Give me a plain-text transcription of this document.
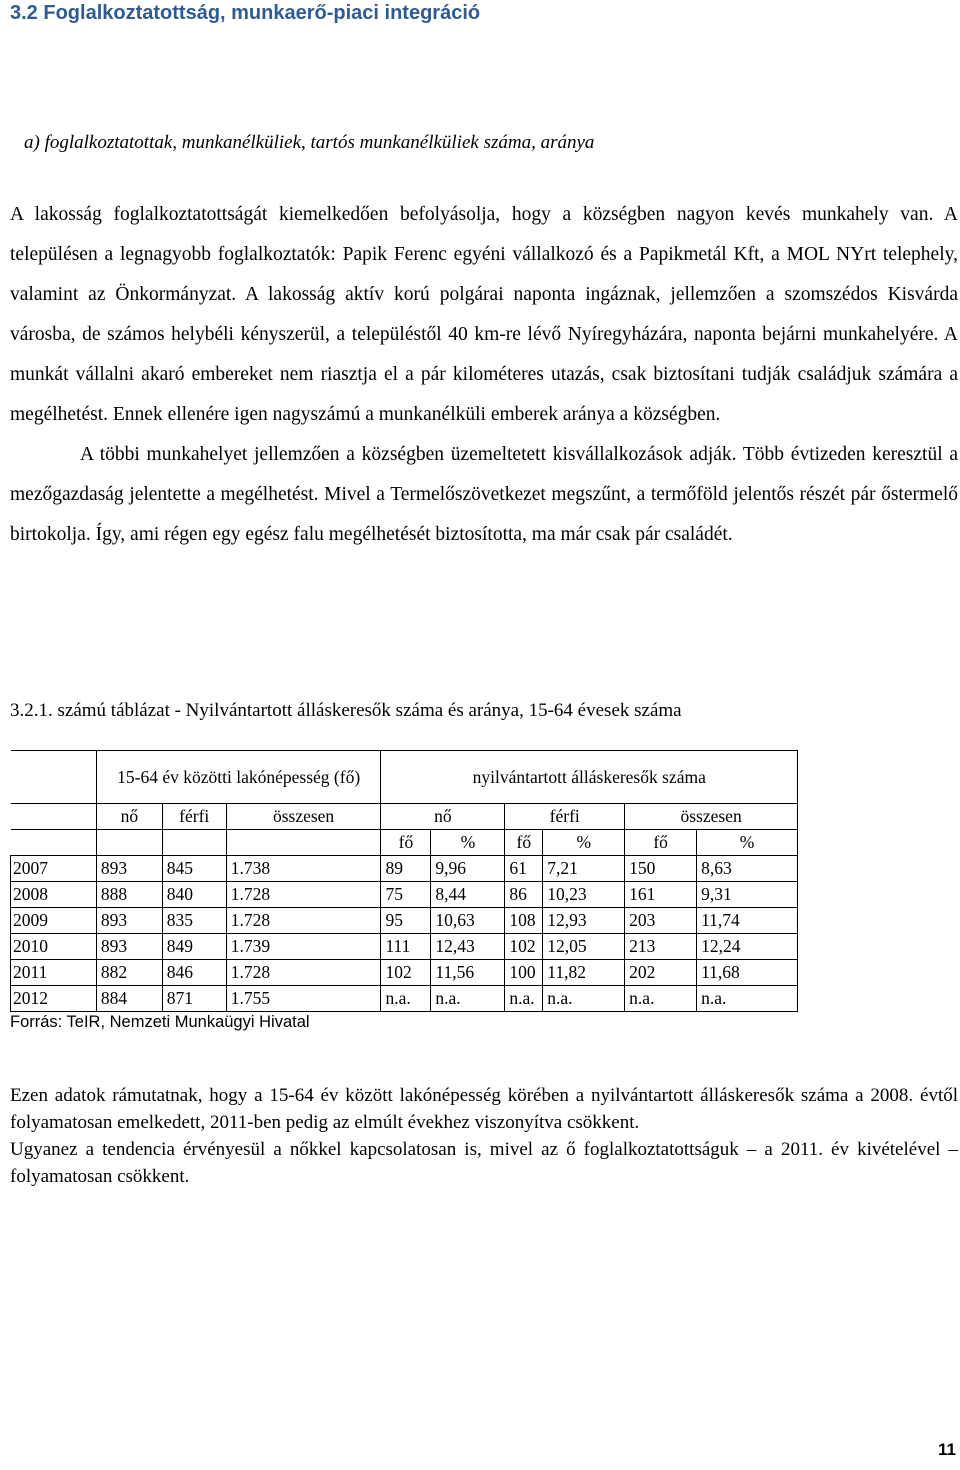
3.2 Foglalkoztatottság, munkaerő-piaci integráció
a) foglalkoztatottak, munkanélküliek, tartós munkanélküliek száma, aránya

A lakosság foglalkoztatottságát kiemelkedően befolyásolja, hogy a községben nagyon kevés munkahely van. A településen a legnagyobb foglalkoztatók: Papik Ferenc egyéni vállalkozó és a Papikmetál Kft, a MOL NYrt telephely, valamint az Önkormányzat. A lakosság aktív korú polgárai naponta ingáznak, jellemzően a szomszédos Kisvárda városba, de számos helybéli kényszerül, a településtől 40 km-re lévő Nyíregyházára, naponta bejárni munkahelyére. A munkát vállalni akaró embereket nem riasztja el a pár kilométeres utazás, csak biztosítani tudják családjuk számára a megélhetést. Ennek ellenére igen nagyszámú a munkanélküli emberek aránya a községben.

A többi munkahelyet jellemzően a községben üzemeltetett kisvállalkozások adják. Több évtizeden keresztül a mezőgazdaság jelentette a megélhetést. Mivel a Termelőszövetkezet megszűnt, a termőföld jelentős részét pár őstermelő birtokolja. Így, ami régen egy egész falu megélhetését biztosította, ma már csak pár családét.

3.2.1. számú táblázat - Nyilvántartott álláskeresők száma és aránya, 15-64 évesek száma
	15-64 év közötti lakónépesség (fő)			nyilvántartott álláskeresők száma					
	nő	férfi	összesen	nő		férfi		összesen	
				fő	%	fő	%	fő	%
2007	893	845	1.738	89	9,96	61	7,21	150	8,63
2008	888	840	1.728	75	8,44	86	10,23	161	9,31
2009	893	835	1.728	95	10,63	108	12,93	203	11,74
2010	893	849	1.739	111	12,43	102	12,05	213	12,24
2011	882	846	1.728	102	11,56	100	11,82	202	11,68
2012	884	871	1.755	n.a.	n.a.	n.a.	n.a.	n.a.	n.a.
Forrás: TeIR, Nemzeti Munkaügyi Hivatal

Ezen adatok rámutatnak, hogy a 15-64 év között lakónépesség körében a nyilvántartott álláskeresők száma a 2008. évtől folyamatosan emelkedett, 2011-ben pedig az elmúlt évekhez viszonyítva csökkent.

Ugyanez a tendencia érvényesül a nőkkel kapcsolatosan is, mivel az ő foglalkoztatottságuk – a 2011. év kivételével – folyamatosan csökkent.

11
